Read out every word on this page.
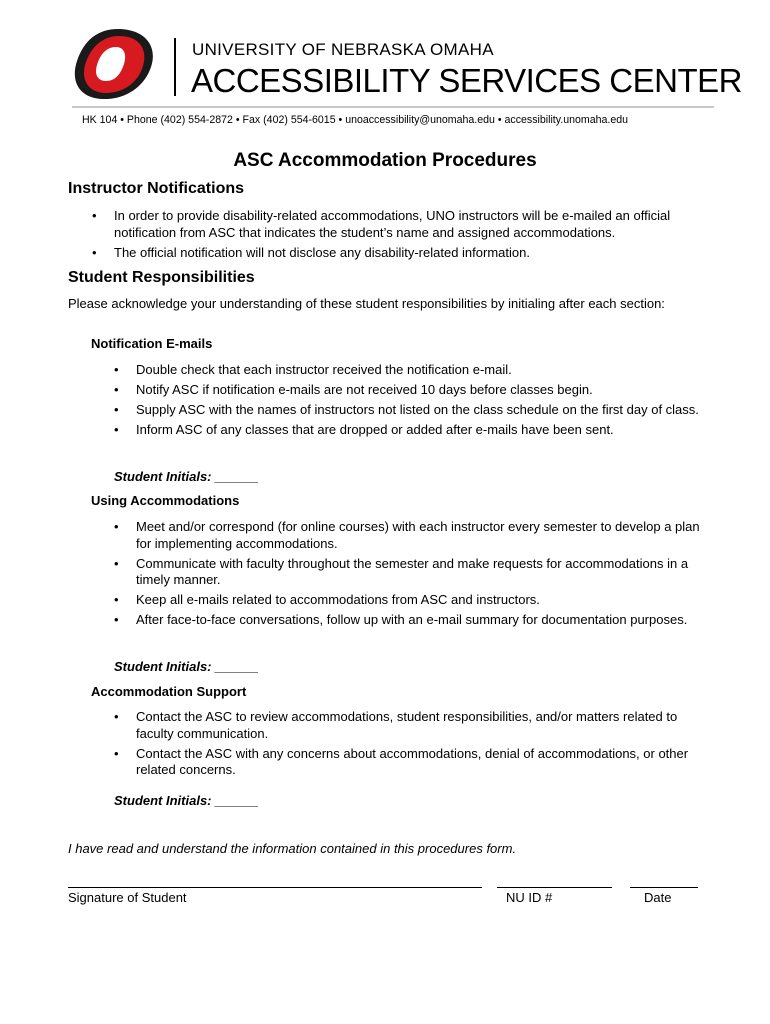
UNIVERSITY OF NEBRASKA OMAHA
ACCESSIBILITY SERVICES CENTER
HK 104 • Phone (402) 554-2872 • Fax (402) 554-6015 • unoaccessibility@unomaha.edu • accessibility.unomaha.edu
ASC Accommodation Procedures
Instructor Notifications
• In order to provide disability-related accommodations, UNO instructors will be e-mailed an official notification from ASC that indicates the student’s name and assigned accommodations.
• The official notification will not disclose any disability-related information.
Student Responsibilities
Please acknowledge your understanding of these student responsibilities by initialing after each section:
Notification E-mails
• Double check that each instructor received the notification e-mail.
• Notify ASC if notification e-mails are not received 10 days before classes begin.
• Supply ASC with the names of instructors not listed on the class schedule on the first day of class.
• Inform ASC of any classes that are dropped or added after e-mails have been sent.
Student Initials: ______
Using Accommodations
• Meet and/or correspond (for online courses) with each instructor every semester to develop a plan for implementing accommodations.
• Communicate with faculty throughout the semester and make requests for accommodations in a timely manner.
• Keep all e-mails related to accommodations from ASC and instructors.
• After face-to-face conversations, follow up with an e-mail summary for documentation purposes.
Student Initials: ______
Accommodation Support
• Contact the ASC to review accommodations, student responsibilities, and/or matters related to faculty communication.
• Contact the ASC with any concerns about accommodations, denial of accommodations, or other related concerns.
Student Initials: ______
I have read and understand the information contained in this procedures form.
Signature of Student	NU ID #	Date
